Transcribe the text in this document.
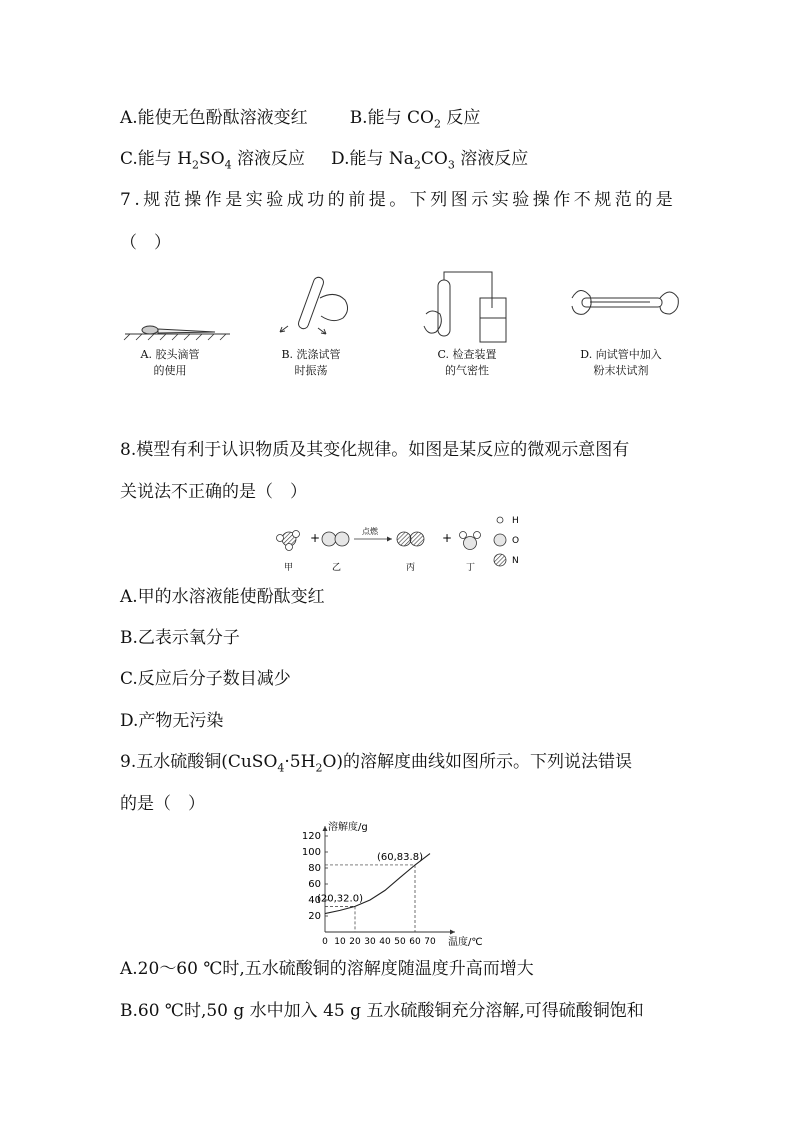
A.能使无色酚酞溶液变红 B.能与 $CO_2$ 反应
C.能与 $H_2SO_4$ 溶液反应 D.能与 $Na_2CO_3$ 溶液反应
7.规范操作是实验成功的前提。下列图示实验操作不规范的是
（　）
A. 胶头滴管
的使用
B. 洗涤试管
时振荡
C. 检查装置
的气密性
D. 向试管中加入
粉末状试剂
8.模型有利于认识物质及其变化规律。如图是某反应的微观示意图有
关说法不正确的是（　）
+	点燃	+
H
O
N
甲	乙	丙	丁
A.甲的水溶液能使酚酞变红
B.乙表示氧分子
C.反应后分子数目减少
D.产物无污染
9.五水硫酸铜$(CuSO_4\cdot 5H_2O)$的溶解度曲线如图所示。下列说法错误
的是（　）
溶解度/g
温度/℃
20
40
60
80
100
120
0 10 20 30 40 50 60 70
(20,32.0)
(60,83.8)
A.20～60 ℃时,五水硫酸铜的溶解度随温度升高而增大
B.60 ℃时,50 g 水中加入 45 g 五水硫酸铜充分溶解,可得硫酸铜饱和
